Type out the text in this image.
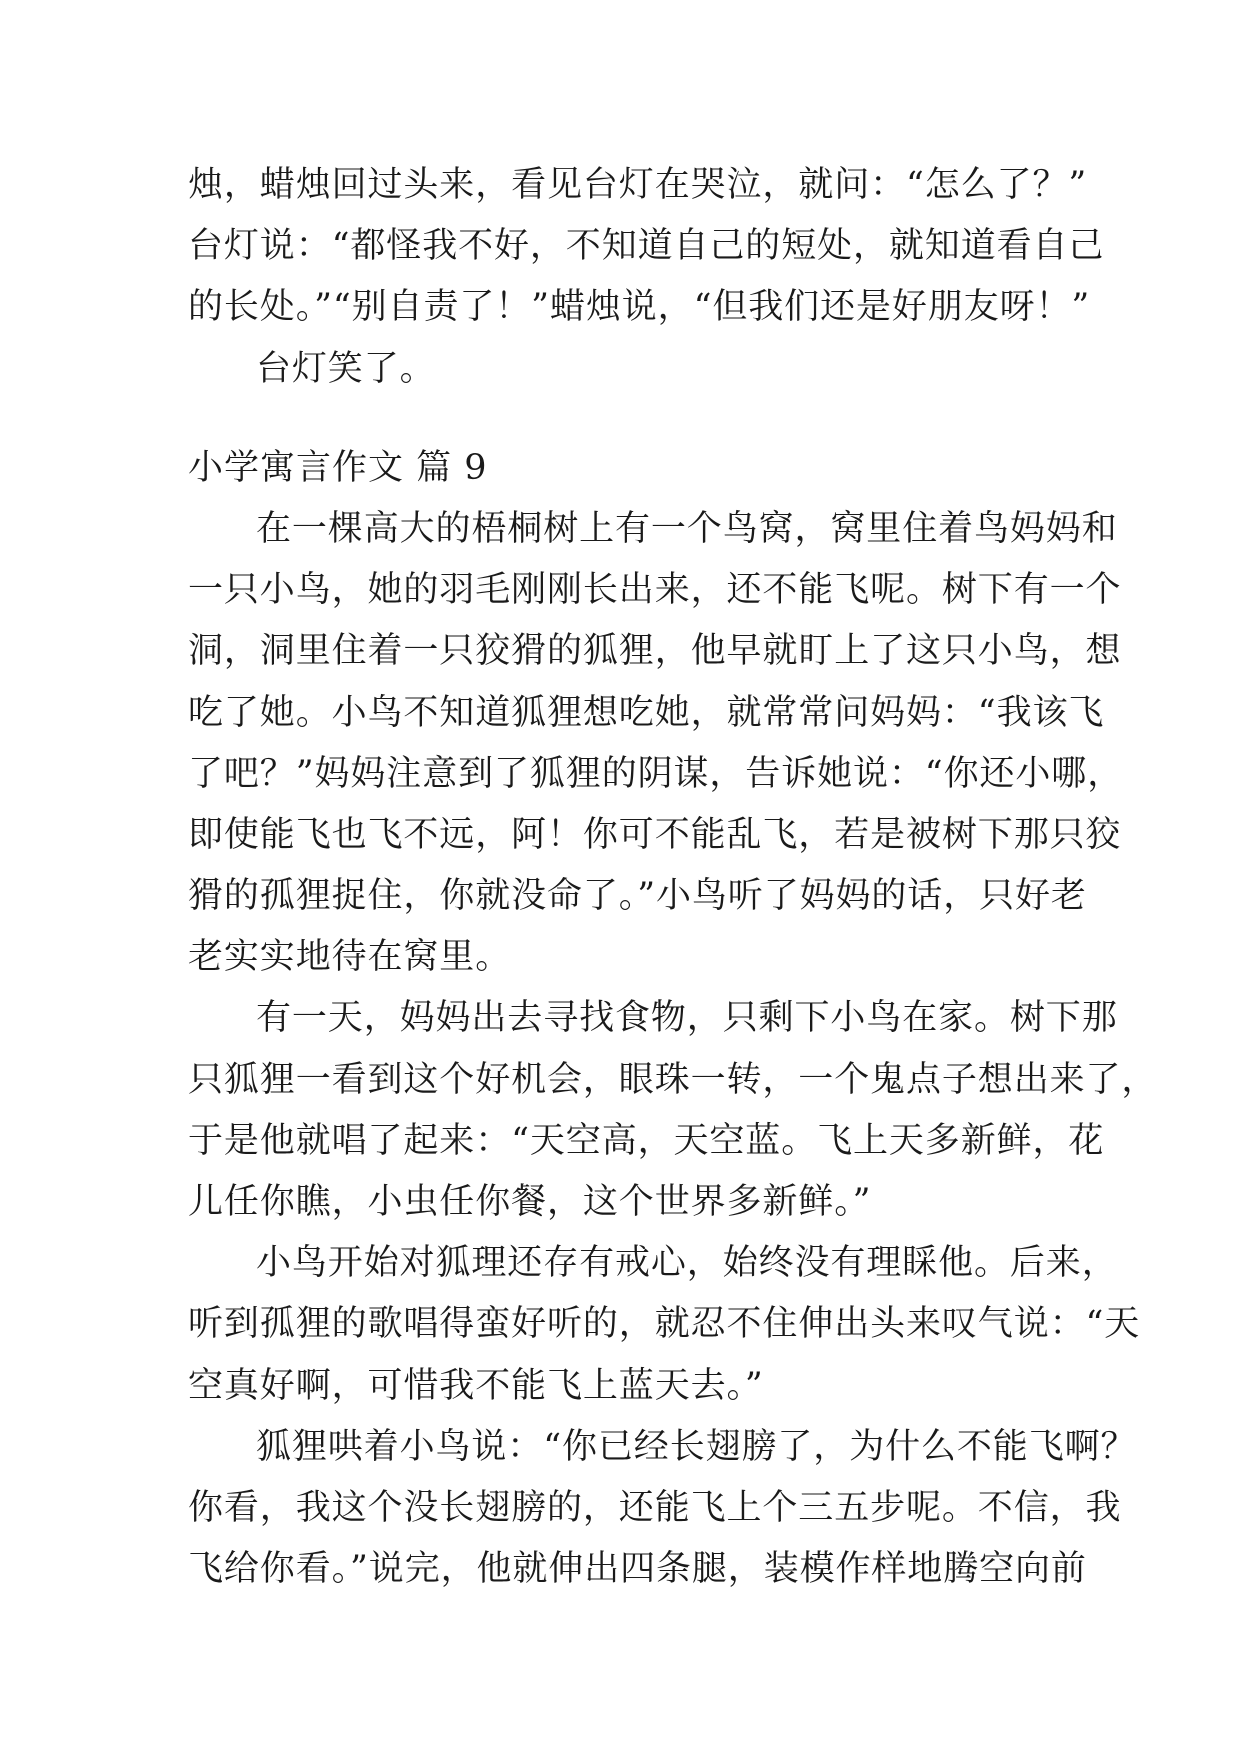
烛，蜡烛回过头来，看见台灯在哭泣，就问：“怎么了？”
台灯说：“都怪我不好，不知道自己的短处，就知道看自己
的长处。”“别自责了！”蜡烛说，“但我们还是好朋友呀！”
台灯笑了。
小学寓言作文 篇 9
在一棵高大的梧桐树上有一个鸟窝，窝里住着鸟妈妈和
一只小鸟，她的羽毛刚刚长出来，还不能飞呢。树下有一个
洞，洞里住着一只狡猾的狐狸，他早就盯上了这只小鸟，想
吃了她。小鸟不知道狐狸想吃她，就常常问妈妈：“我该飞
了吧？”妈妈注意到了狐狸的阴谋，告诉她说：“你还小哪，
即使能飞也飞不远，阿！你可不能乱飞，若是被树下那只狡
猾的孤狸捉住，你就没命了。”小鸟听了妈妈的话，只好老
老实实地待在窝里。
有一天，妈妈出去寻找食物，只剩下小鸟在家。树下那
只狐狸一看到这个好机会，眼珠一转，一个鬼点子想出来了，
于是他就唱了起来：“天空高，天空蓝。飞上天多新鲜，花
儿任你瞧，小虫任你餐，这个世界多新鲜。”
小鸟开始对狐理还存有戒心，始终没有理睬他。后来，
听到孤狸的歌唱得蛮好听的，就忍不住伸出头来叹气说：“天
空真好啊，可惜我不能飞上蓝天去。”
狐狸哄着小鸟说：“你已经长翅膀了，为什么不能飞啊？
你看，我这个没长翅膀的，还能飞上个三五步呢。不信，我
飞给你看。”说完，他就伸出四条腿，装模作样地腾空向前
